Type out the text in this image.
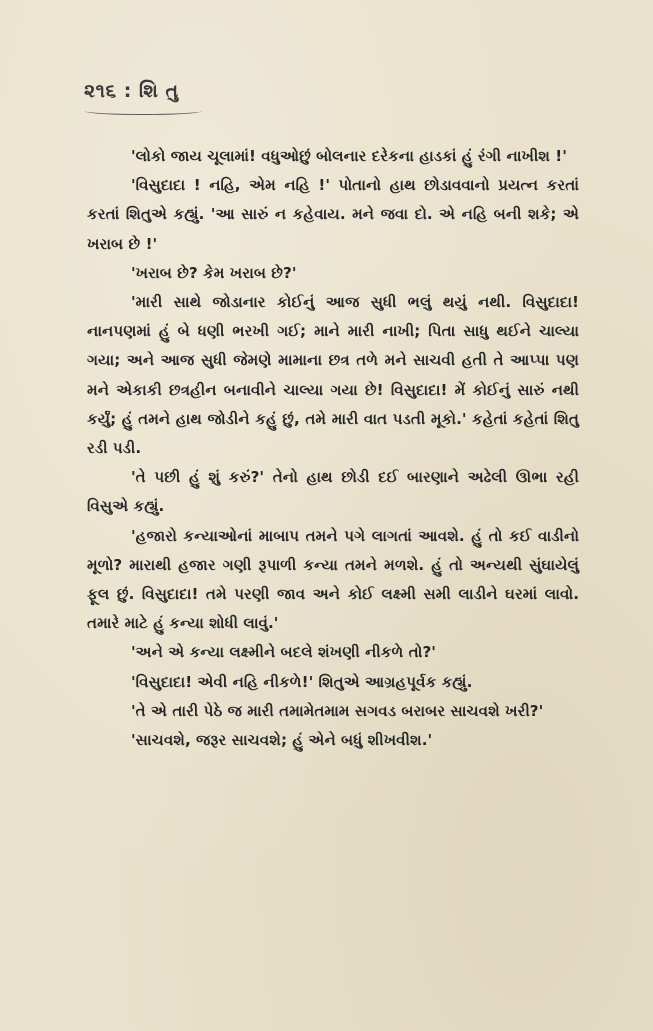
૨૧૬ : શિ તુ

'લોકો જાય ચૂલામાં! વધુઓછું બોલનાર દરેકના હાડકાં હું રંગી નાખીશ !'

'વિસુદાદા ! નહિ, એમ નહિ !' પોતાનો હાથ છોડાવવાનો પ્રયત્ન કરતાં કરતાં શિતુએ કહ્યું. 'આ સારું ન કહેવાય. મને જવા દો. એ નહિ બની શકે; એ ખરાબ છે !'

'ખરાબ છે? કેમ ખરાબ છે?'

'મારી સાથે જોડાનાર કોઈનું આજ સુધી ભલું થયું નથી. વિસુદાદા! નાનપણમાં હું બે ધણી ભરખી ગઈ; માને મારી નાખી; પિતા સાધુ થઈને ચાલ્યા ગયા; અને આજ સુધી જેમણે મામાના છત્ર તળે મને સાચવી હતી તે આપ્પા પણ મને એકાકી છત્રહીન બનાવીને ચાલ્યા ગયા છે! વિસુદાદા! મેં કોઈનું સારું નથી કર્યું; હું તમને હાથ જોડીને કહું છું, તમે મારી વાત પડતી મૂકો.' કહેતાં કહેતાં શિતુ રડી પડી.

'તે પછી હું શું કરું?' તેનો હાથ છોડી દઈ બારણાને અઢેલી ઊભા રહી વિસુએ કહ્યું.

'હજારો કન્યાઓનાં માબાપ તમને પગે લાગતાં આવશે. હું તો કઈ વાડીનો મૂળો? મારાથી હજાર ગણી રૂપાળી કન્યા તમને મળશે. હું તો અન્યથી સુંઘાયેલું ફૂલ છું. વિસુદાદા! તમે પરણી જાવ અને કોઈ લક્ષ્મી સમી લાડીને ઘરમાં લાવો. તમારે માટે હું કન્યા શોધી લાવું.'

'અને એ કન્યા લક્ષ્મીને બદલે શંખણી નીકળે તો?'

'વિસુદાદા! એવી નહિ નીકળે!' શિતુએ આગ્રહપૂર્વક કહ્યું.

'તે એ તારી પેઠે જ મારી તમામેતમામ સગવડ બરાબર સાચવશે ખરી?'

'સાચવશે, જરૂર સાચવશે; હું એને બધું શીખવીશ.'
